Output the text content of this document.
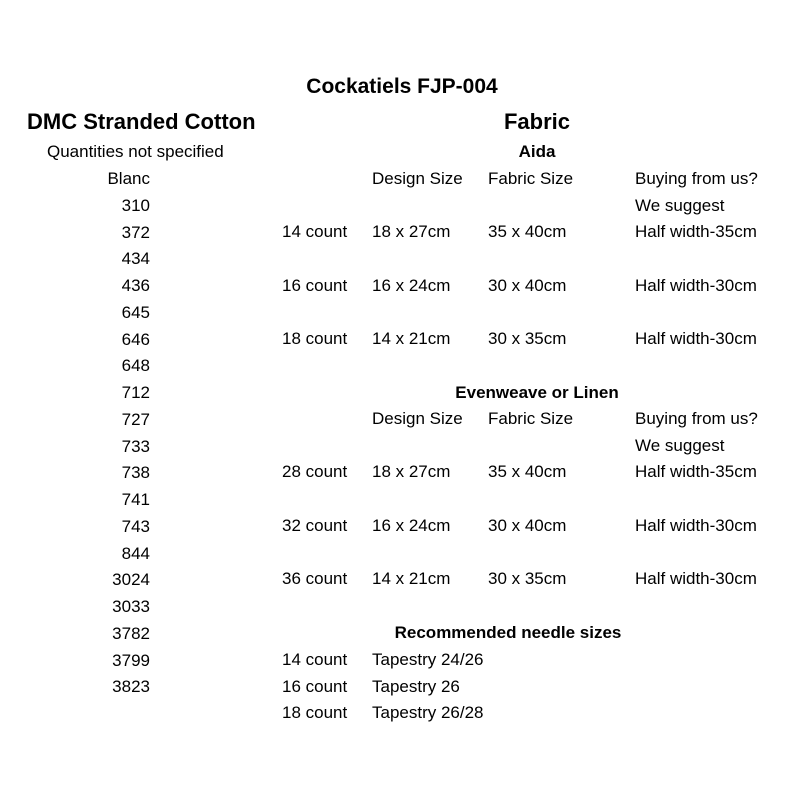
Cockatiels FJP-004
DMC Stranded Cotton
Quantities not specified
Blanc
310
372
434
436
645
646
648
712
727
733
738
741
743
844
3024
3033
3782
3799
3823
Fabric
Aida
Design Size Fabric Size	Buying from us?
We suggest
14 count 18 x 27cm 35 x 40cm	Half width-35cm
16 count 16 x 24cm 30 x 40cm	Half width-30cm
18 count 14 x 21cm 30 x 35cm	Half width-30cm
Evenweave or Linen
Design Size Fabric Size	Buying from us?
We suggest
28 count 18 x 27cm 35 x 40cm	Half width-35cm
32 count 16 x 24cm 30 x 40cm	Half width-30cm
36 count 14 x 21cm 30 x 35cm	Half width-30cm
Recommended needle sizes
14 count Tapestry 24/26
16 count Tapestry 26
18 count Tapestry 26/28
